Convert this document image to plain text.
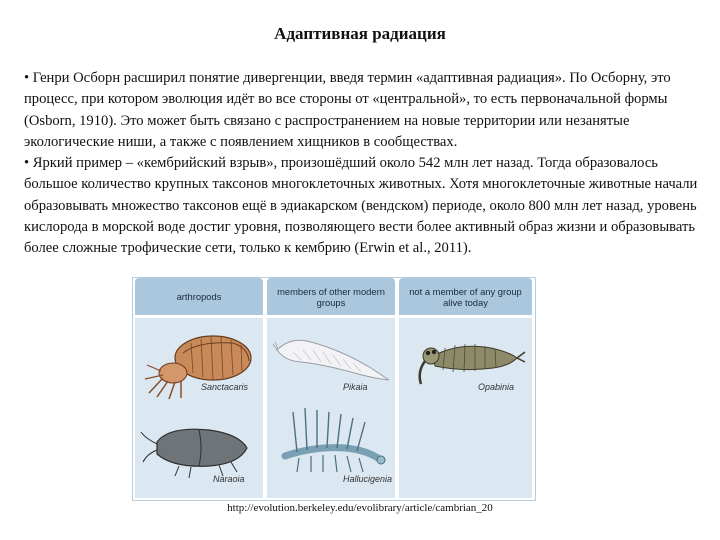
Адаптивная радиация

• Генри Осборн расширил понятие дивергенции, введя термин «адаптивная радиация». По Осборну, это процесс, при котором эволюция идёт во все стороны от «центральной», то есть первоначальной формы (Osborn, 1910). Это может быть связано с распространением на новые территории или незанятые экологические ниши, а также с появлением хищников в сообществах.

• Яркий пример – «кембрийский взрыв», произошёдший около 542 млн лет назад. Тогда образовалось большое количество крупных таксонов многоклеточных животных. Хотя многоклеточные животные начали образовывать множество таксонов ещё в эдиакарском (вендском) периоде, около 800 млн лет назад, уровень кислорода в морской воде достиг уровня, позволяющего вести более активный образ жизни и образовывать более сложные трофические сети, только к кембрию (Erwin et al., 2011).

arthropods	members of other modern groups
not a member of any group alive today
Sanctacaris	Pikaia	Opabinia
Naraoia	Hallucigenia
http://evolution.berkeley.edu/evolibrary/article/cambrian_20
